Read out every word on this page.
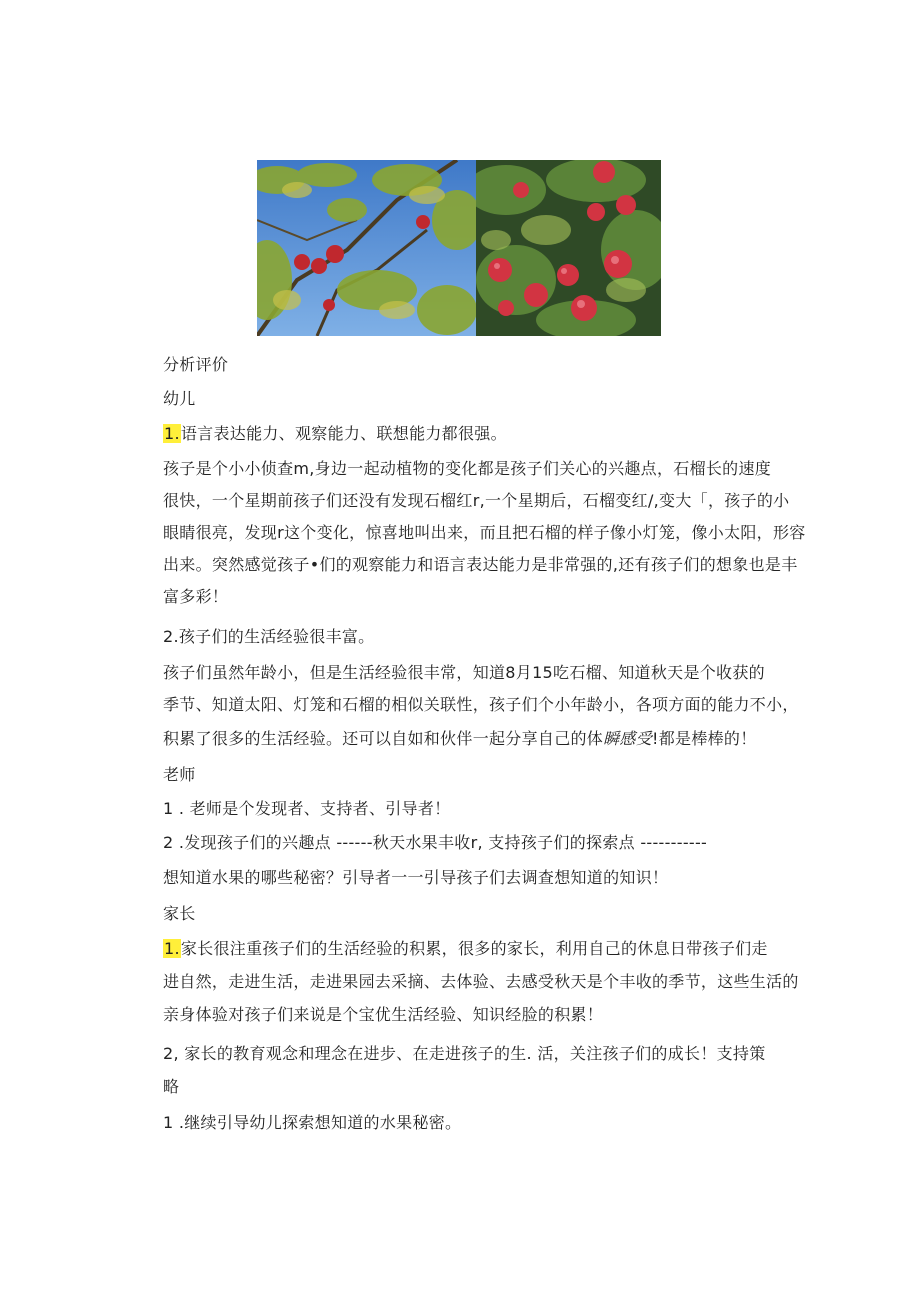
分析评价
幼儿
1.语言表达能力、观察能力、联想能力都很强。
孩子是个小小侦查m,身边一起动植物的变化都是孩子们关心的兴趣点，石榴长的速度
很快，一个星期前孩子们还没有发现石榴红r,一个星期后，石榴变红/,变大「，孩子的小
眼睛很亮，发现r这个变化，惊喜地叫出来，而且把石榴的样子像小灯笼，像小太阳，形容
出来。突然感觉孩子•们的观察能力和语言表达能力是非常强的,还有孩子们的想象也是丰
富多彩！
2.孩子们的生活经验很丰富。
孩子们虽然年龄小，但是生活经验很丰常，知道8月15吃石榴、知道秋天是个收获的
季节、知道太阳、灯笼和石榴的相似关联性，孩子们个小年龄小，各项方面的能力不小，
积累了很多的生活经验。还可以自如和伙伴一起分享自己的体瞬感受!都是棒棒的！
老师
1 . 老师是个发现者、支持者、引导者！
2 .发现孩子们的兴趣点 ------秋天水果丰收r, 支持孩子们的探索点 -----------
想知道水果的哪些秘密？引导者一一引导孩子们去调查想知道的知识！
家长
1.家长很注重孩子们的生活经验的积累，很多的家长，利用自己的休息日带孩子们走
进自然，走进生活，走进果园去采摘、去体验、去感受秋天是个丰收的季节，这些生活的
亲身体验对孩子们来说是个宝优生活经验、知识经脸的积累！
2, 家长的教育观念和理念在进步、在走进孩子的生. 活，关注孩子们的成长！支持策
略
1 .继续引导幼儿探索想知道的水果秘密。
